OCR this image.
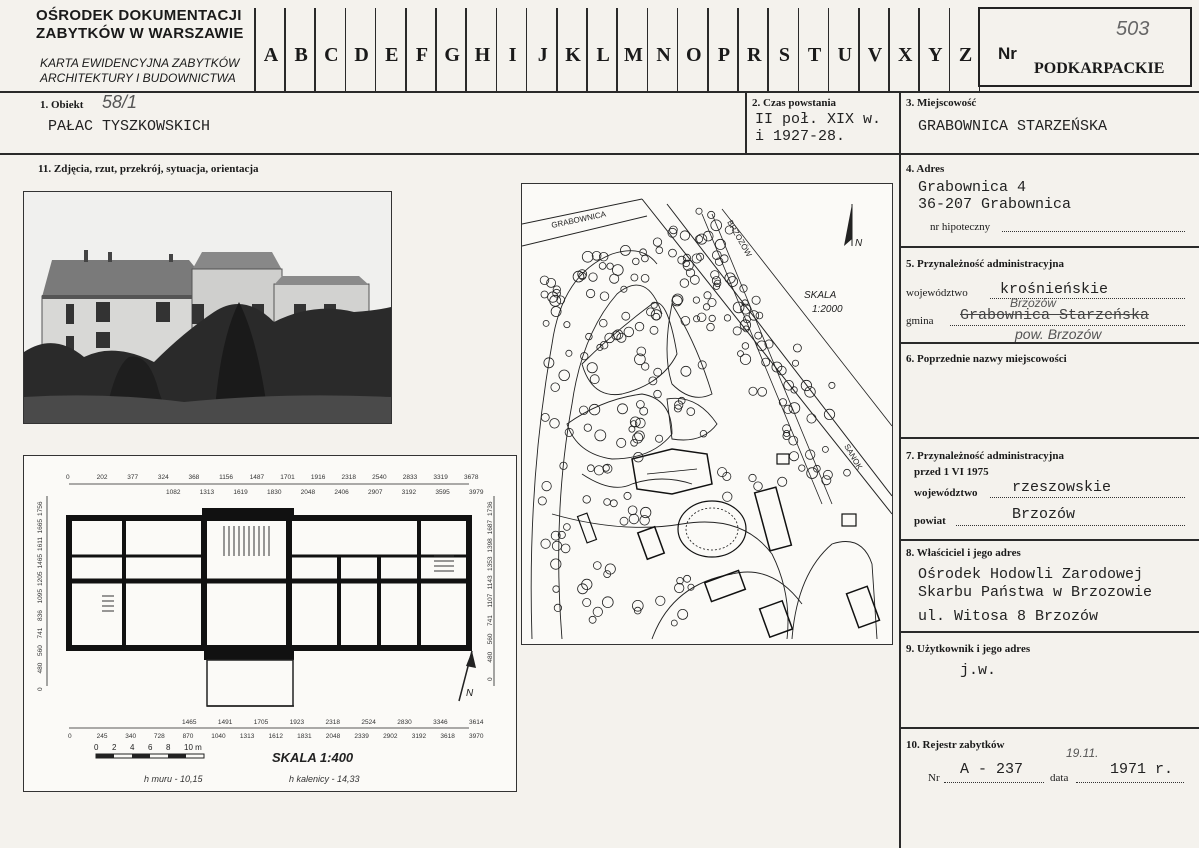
OŚRODEK DOKUMENTACJI
ZABYTKÓW W WARSZAWIE
KARTA EWIDENCYJNA ZABYTKÓW
ARCHITEKTURY I BUDOWNICTWA
A B C D E F G H I	J K L M N O P R S T U V X Y Z	Nr
503
PODKARPACKIE
1. Obiekt 58/1
PAŁAC TYSZKOWSKICH
2. Czas powstania
II poł. XIX w.
i 1927-28.
3. Miejscowość
GRABOWNICA STARZEŃSKA
4. Adres
Grabownica 4
36-207 Grabownica
nr hipoteczny
5. Przynależność administracyjna
województwo krośnieńskie
Brzozów
gmina Grabownica Starzeńska
pow. Brzozów
6. Poprzednie nazwy miejscowości
7. Przynależność administracyjna
przed 1 VI 1975
województwo rzeszowskie
powiat	Brzozów
8. Właściciel i jego adres
Ośrodek Hodowli Zarodowej
Skarbu Państwa w Brzozowie
ul. Witosa 8 Brzozów
9. Użytkownik i jego adres
j.w.
10. Rejestr zabytków
Nr A - 237 data
19.11.
1971 r.
11. Zdjęcia, rzut, przekrój, sytuacja, orientacja
N
0 2 4 6 8 10 m
SKALA 1:400
h muru - 10,15	h kalenicy - 14,33
0	202	377	324	368	1156	1487 1701 1916 2318 2540 2833 3319 3678
1082	1313	1619	1830	2048	2406	2907	3192	3595	3979
1465	1491	1705	1923	2318	2524	2830	3346	3614
0	245	340	728	870	1040 1313 1612 1831 2048 2339 2902 3192 3618 3970
1756
1665
1611
1465
1205
1095
836
741
560
480
0
1736
1687
1398
1353
1143
1107
741
560
480
0
N
SKALA
1:2000
GRABOWNICA	BRZOZÓW
SANOK
